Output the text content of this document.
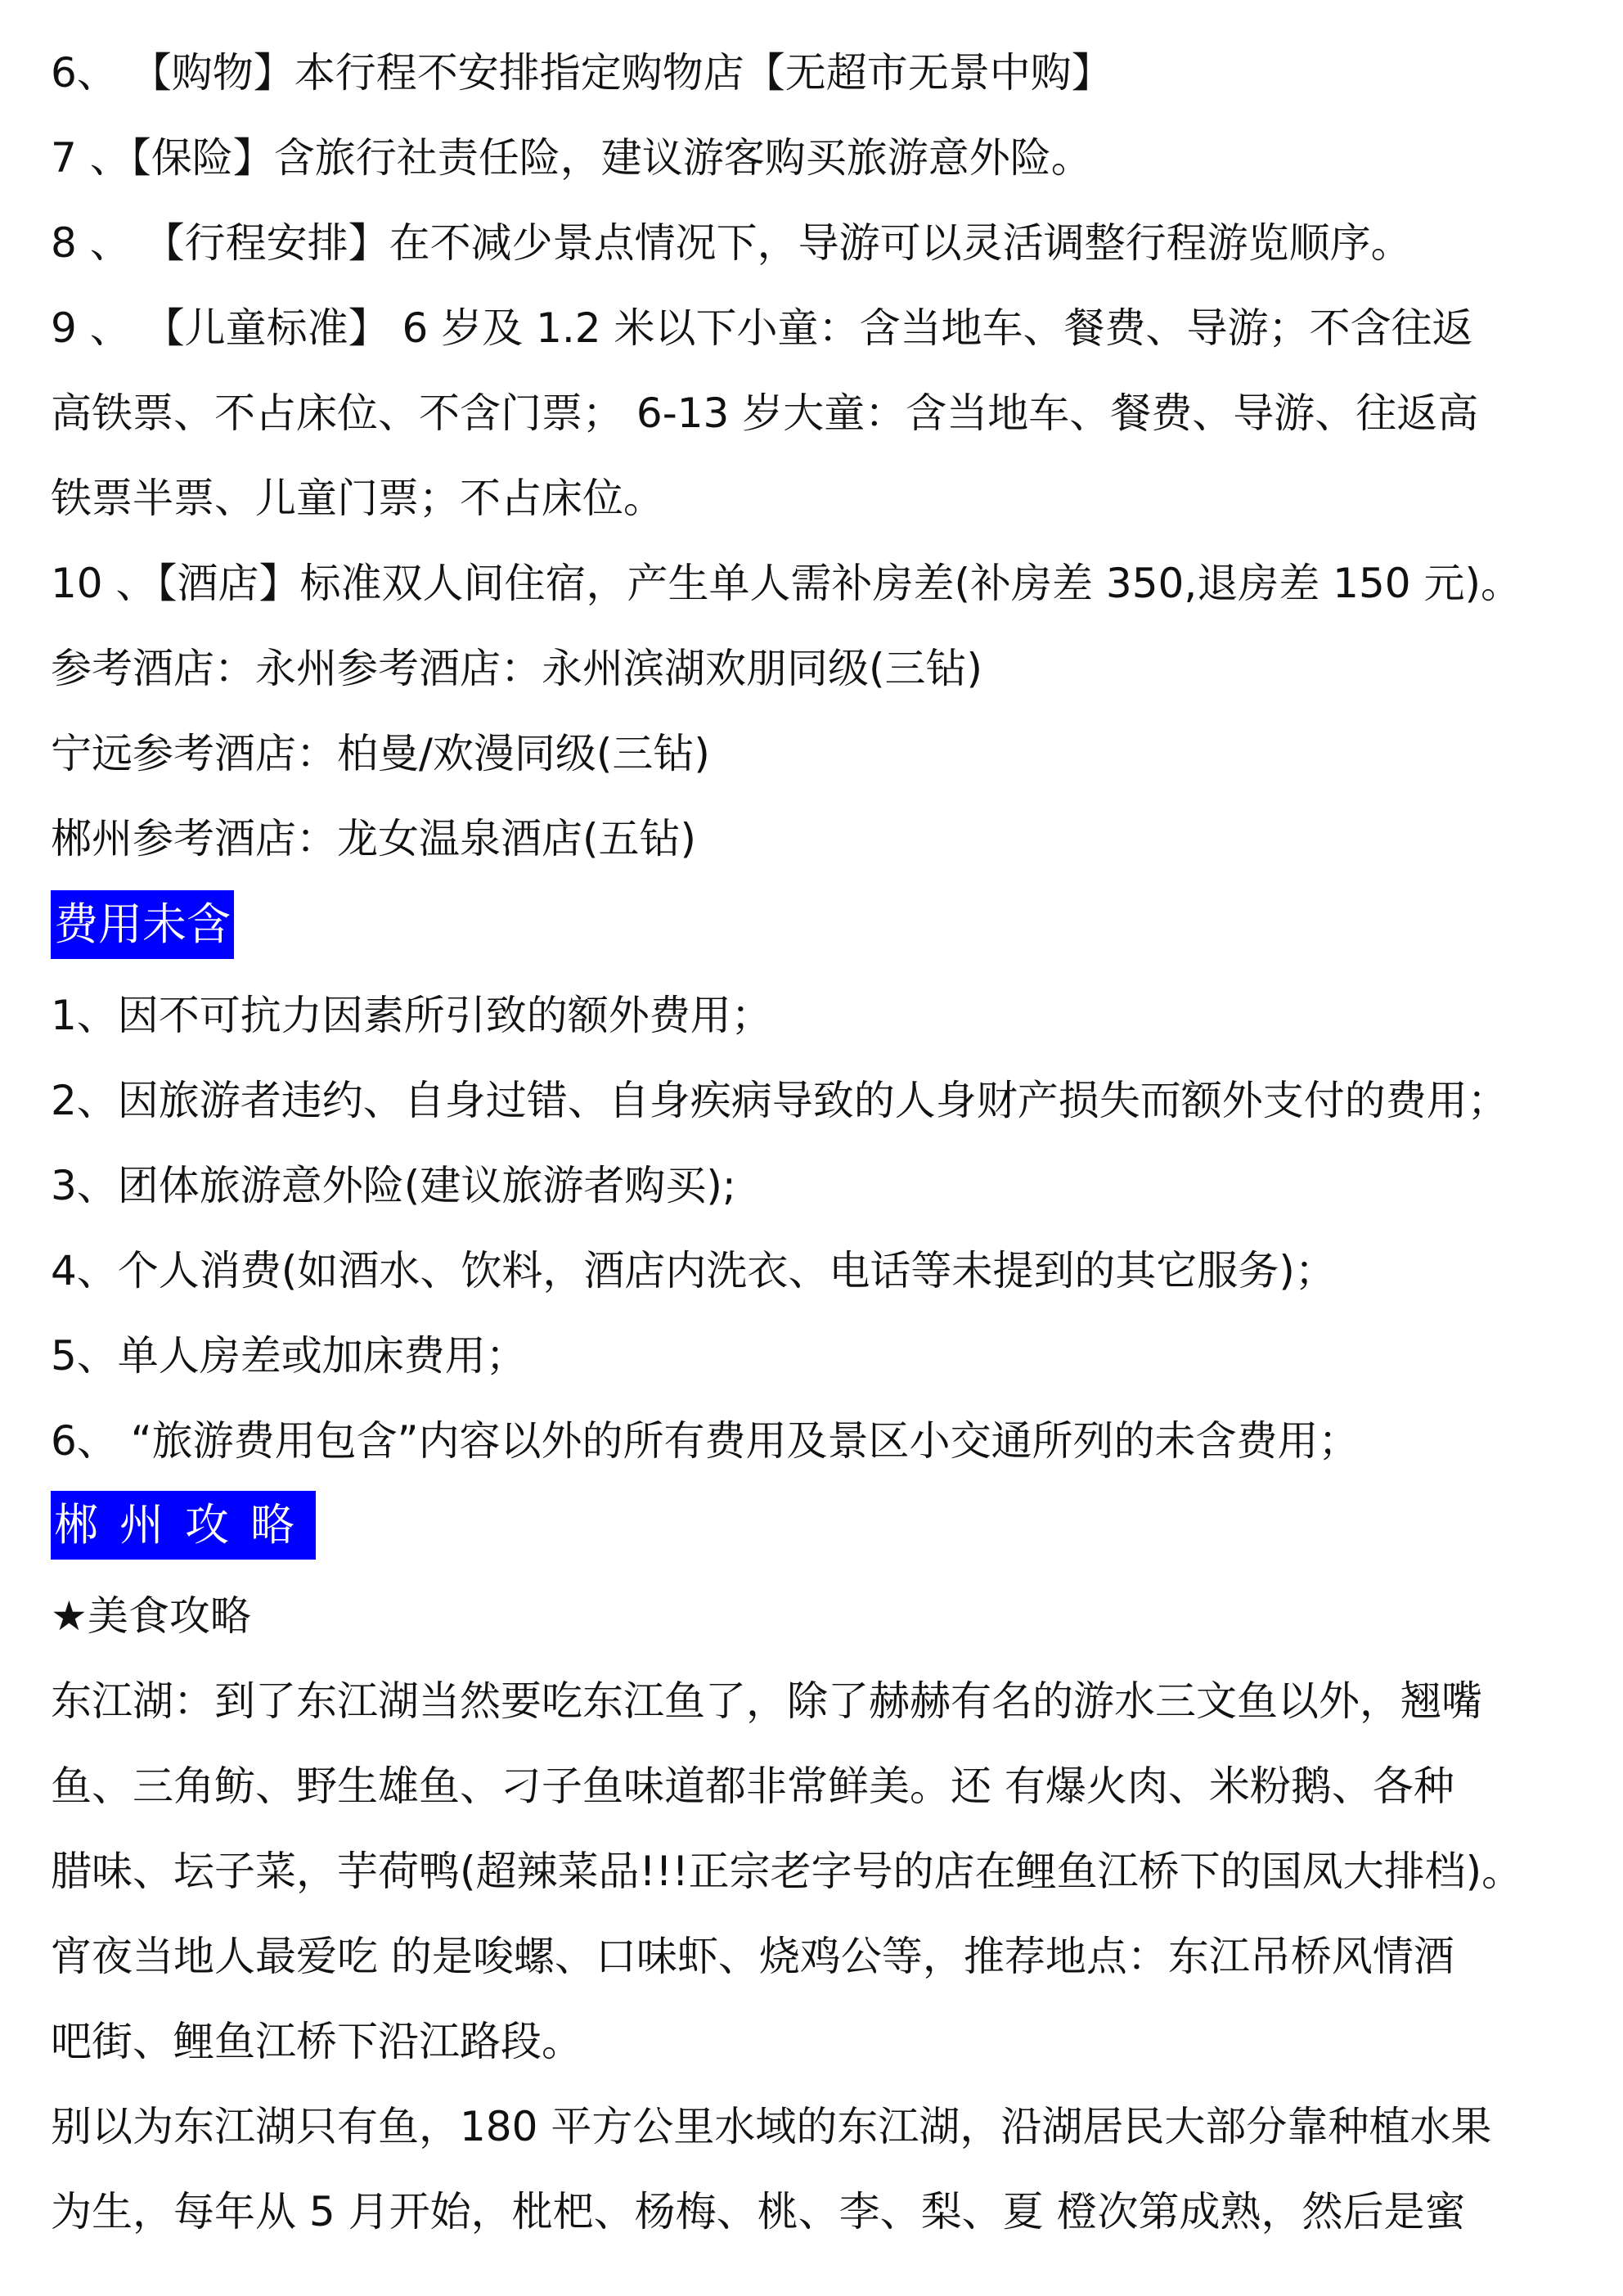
6、 【购物】本行程不安排指定购物店【无超市无景中购】

7 、【保险】含旅行社责任险，建议游客购买旅游意外险。

8 、 【行程安排】在不减少景点情况下，导游可以灵活调整行程游览顺序。

9 、 【儿童标准】 6 岁及 1.2 米以下小童：含当地车、餐费、导游；不含往返

高铁票、不占床位、不含门票； 6-13 岁大童：含当地车、餐费、导游、往返高

铁票半票、儿童门票；不占床位。

10 、【酒店】标准双人间住宿，产生单人需补房差(补房差 350,退房差 150 元)。

参考酒店：永州参考酒店：永州滨湖欢朋同级(三钻)

宁远参考酒店：柏曼/欢漫同级(三钻)

郴州参考酒店：龙女温泉酒店(五钻)

费用未含

1、因不可抗力因素所引致的额外费用；

2、因旅游者违约、自身过错、自身疾病导致的人身财产损失而额外支付的费用；

3、团体旅游意外险(建议旅游者购买);

4、个人消费(如酒水、饮料，酒店内洗衣、电话等未提到的其它服务)；

5、单人房差或加床费用；

6、 “旅游费用包含”内容以外的所有费用及景区小交通所列的未含费用；

郴州攻略

★美食攻略

东江湖：到了东江湖当然要吃东江鱼了，除了赫赫有名的游水三文鱼以外，翘嘴

鱼、三角鲂、野生雄鱼、刁子鱼味道都非常鲜美。还 有爆火肉、米粉鹅、各种

腊味、坛子菜，芋荷鸭(超辣菜品!!!正宗老字号的店在鲤鱼江桥下的国凤大排档)。

宵夜当地人最爱吃 的是唆螺、口味虾、烧鸡公等，推荐地点：东江吊桥风情酒

吧街、鲤鱼江桥下沿江路段。

别以为东江湖只有鱼，180 平方公里水域的东江湖，沿湖居民大部分靠种植水果

为生，每年从 5 月开始，枇杷、杨梅、桃、李、梨、夏 橙次第成熟，然后是蜜
